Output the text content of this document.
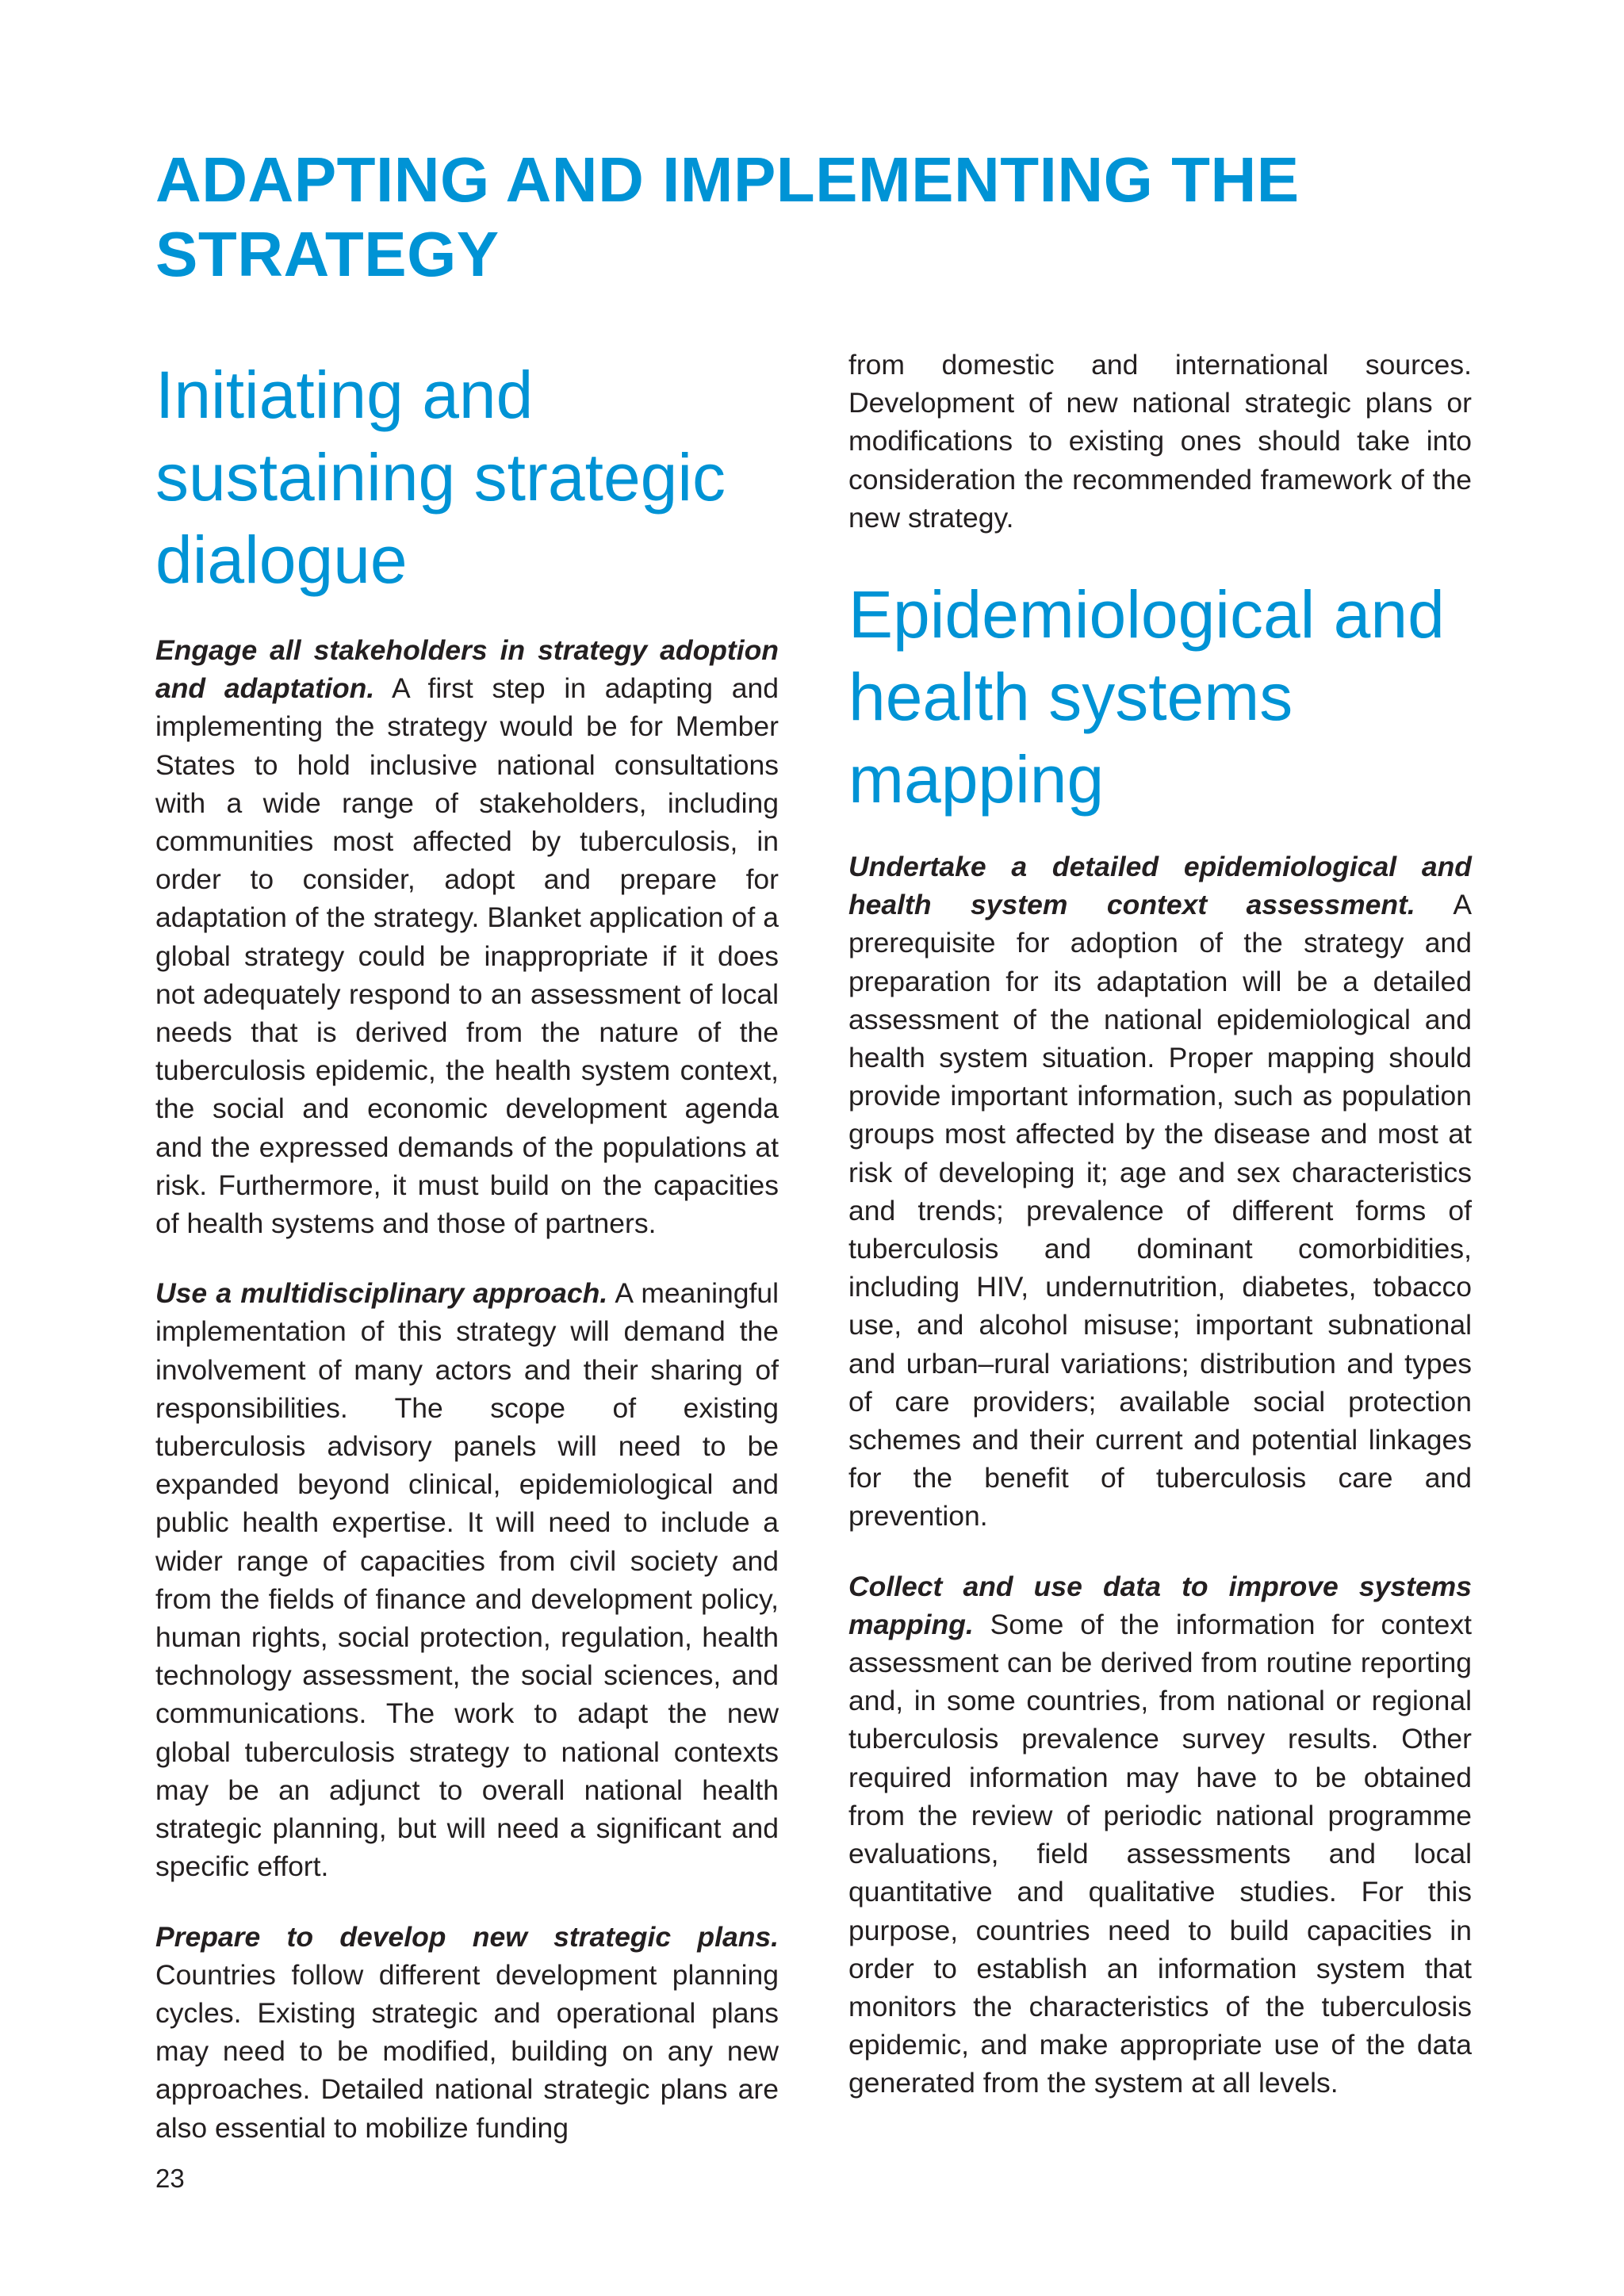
ADAPTING AND IMPLEMENTING THE STRATEGY
Initiating and sustaining strategic dialogue

Engage all stakeholders in strategy adoption and adaptation. A first step in adapting and implementing the strategy would be for Member States to hold inclusive national consultations with a wide range of stakeholders, including communities most affected by tuberculosis, in order to consider, adopt and prepare for adaptation of the strategy. Blanket application of a global strategy could be inappropriate if it does not adequately respond to an assessment of local needs that is derived from the nature of the tuberculosis epidemic, the health system context, the social and economic development agenda and the expressed demands of the populations at risk. Furthermore, it must build on the capacities of health systems and those of partners.

Use a multidisciplinary approach. A meaningful implementation of this strategy will demand the involvement of many actors and their sharing of responsibilities. The scope of existing tuberculosis advisory panels will need to be expanded beyond clinical, epidemiological and public health expertise. It will need to include a wider range of capacities from civil society and from the fields of finance and development policy, human rights, social protection, regulation, health technology assessment, the social sciences, and communications. The work to adapt the new global tuberculosis strategy to national contexts may be an adjunct to overall national health strategic planning, but will need a significant and specific effort.

Prepare to develop new strategic plans. Countries follow different development planning cycles. Existing strategic and operational plans may need to be modified, building on any new approaches. Detailed national strategic plans are also essential to mobilize funding

from domestic and international sources. Development of new national strategic plans or modifications to existing ones should take into consideration the recommended framework of the new strategy.

Epidemiological and health systems mapping

Undertake a detailed epidemiological and health system context assessment. A prerequisite for adoption of the strategy and preparation for its adaptation will be a detailed assessment of the national epidemiological and health system situation. Proper mapping should provide important information, such as population groups most affected by the disease and most at risk of developing it; age and sex characteristics and trends; prevalence of different forms of tuberculosis and dominant comorbidities, including HIV, undernutrition, diabetes, tobacco use, and alcohol misuse; important subnational and urban–rural variations; distribution and types of care providers; available social protection schemes and their current and potential linkages for the benefit of tuberculosis care and prevention.

Collect and use data to improve systems mapping. Some of the information for context assessment can be derived from routine reporting and, in some countries, from national or regional tuberculosis prevalence survey results. Other required information may have to be obtained from the review of periodic national programme evaluations, field assessments and local quantitative and qualitative studies. For this purpose, countries need to build capacities in order to establish an information system that monitors the characteristics of the tuberculosis epidemic, and make appropriate use of the data generated from the system at all levels.

23
